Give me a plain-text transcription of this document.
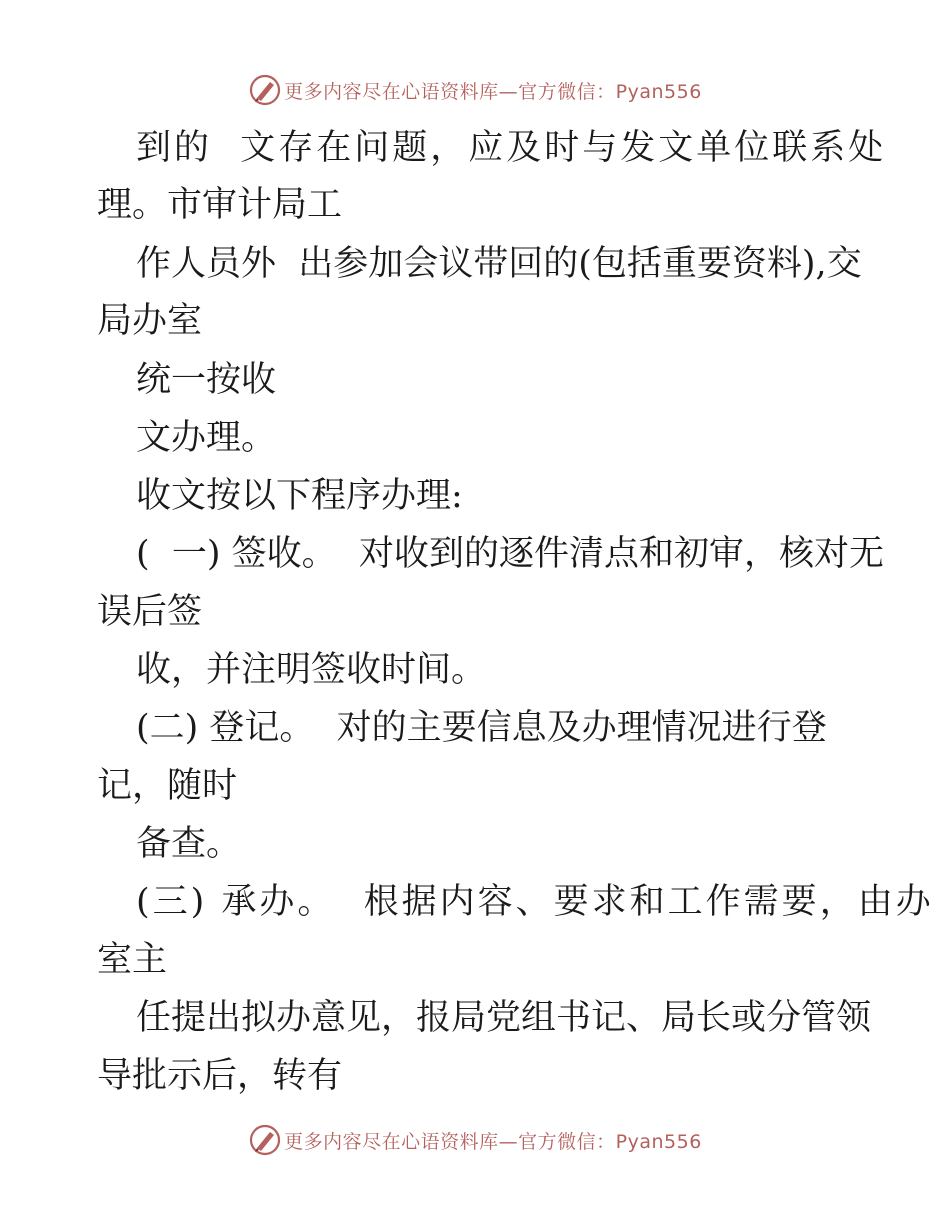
更多内容尽在心语资料库—官方微信：Pyan556
到的  文存在问题，应及时与发文单位联系处
理。市审计局工
作人员外  出参加会议带回的(包括重要资料),交
局办室
统一按收
文办理。
收文按以下程序办理:
(  一) 签收。  对收到的逐件清点和初审，核对无
误后签
收，并注明签收时间。
(二) 登记。  对的主要信息及办理情况进行登
记，随时
备查。
(三) 承办。  根据内容、要求和工作需要，由办
室主
任提出拟办意见，报局党组书记、局长或分管领
导批示后，转有
更多内容尽在心语资料库—官方微信：Pyan556
